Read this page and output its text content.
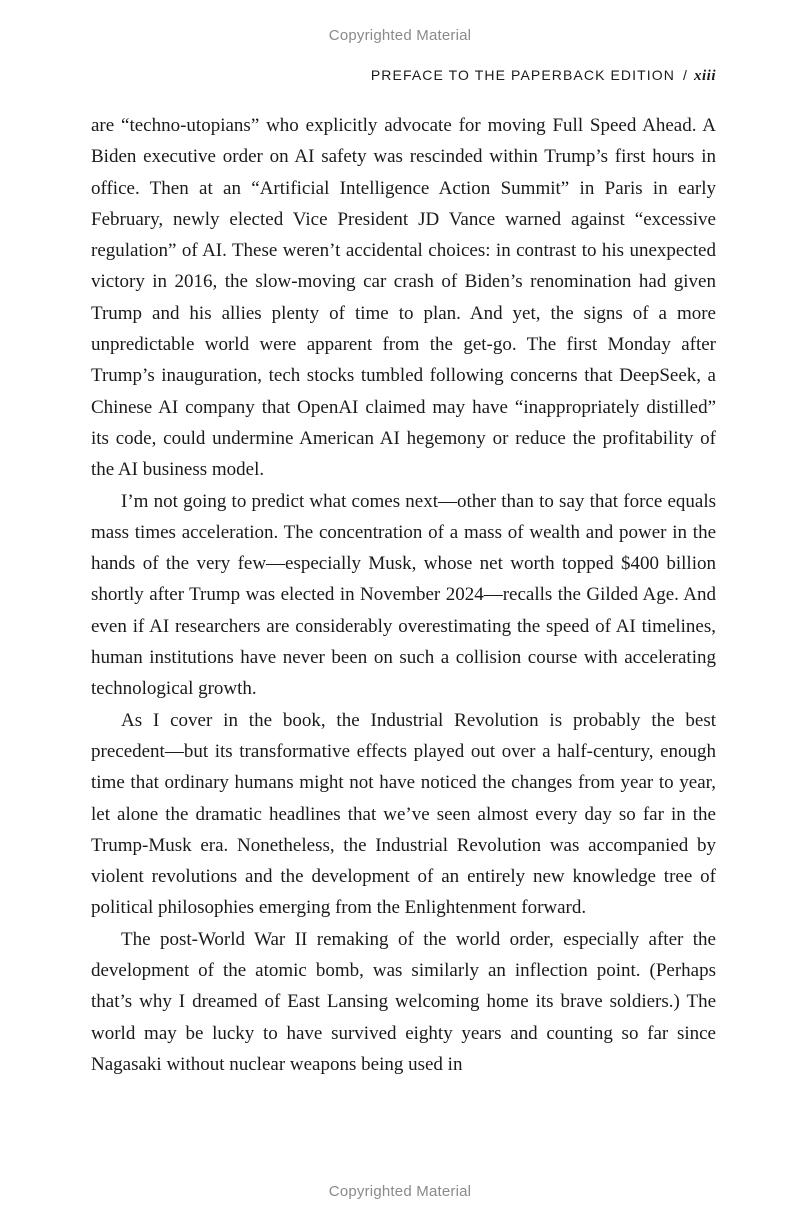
Copyrighted Material
PREFACE TO THE PAPERBACK EDITION / xiii

are “techno-utopians” who explicitly advocate for moving Full Speed Ahead. A Biden executive order on AI safety was rescinded within Trump’s first hours in office. Then at an “Artificial Intelligence Action Summit” in Paris in early February, newly elected Vice President JD Vance warned against “excessive regulation” of AI. These weren’t accidental choices: in contrast to his unexpected victory in 2016, the slow-moving car crash of Biden’s renomination had given Trump and his allies plenty of time to plan. And yet, the signs of a more unpredictable world were apparent from the get-go. The first Monday after Trump’s inauguration, tech stocks tumbled following concerns that DeepSeek, a Chinese AI company that OpenAI claimed may have “inappropriately distilled” its code, could undermine American AI hegemony or reduce the profitability of the AI business model.

I’m not going to predict what comes next—other than to say that force equals mass times acceleration. The concentration of a mass of wealth and power in the hands of the very few—especially Musk, whose net worth topped $400 billion shortly after Trump was elected in November 2024—recalls the Gilded Age. And even if AI researchers are considerably overestimating the speed of AI timelines, human institutions have never been on such a collision course with accelerating technological growth.

As I cover in the book, the Industrial Revolution is probably the best precedent—but its transformative effects played out over a half-century, enough time that ordinary humans might not have noticed the changes from year to year, let alone the dramatic headlines that we’ve seen almost every day so far in the Trump-Musk era. Nonetheless, the Industrial Revolution was accompanied by violent revolutions and the development of an entirely new knowledge tree of political philosophies emerging from the Enlightenment forward.

The post-World War II remaking of the world order, especially after the development of the atomic bomb, was similarly an inflection point. (Perhaps that’s why I dreamed of East Lansing welcoming home its brave soldiers.) The world may be lucky to have survived eighty years and counting so far since Nagasaki without nuclear weapons being used in

Copyrighted Material
